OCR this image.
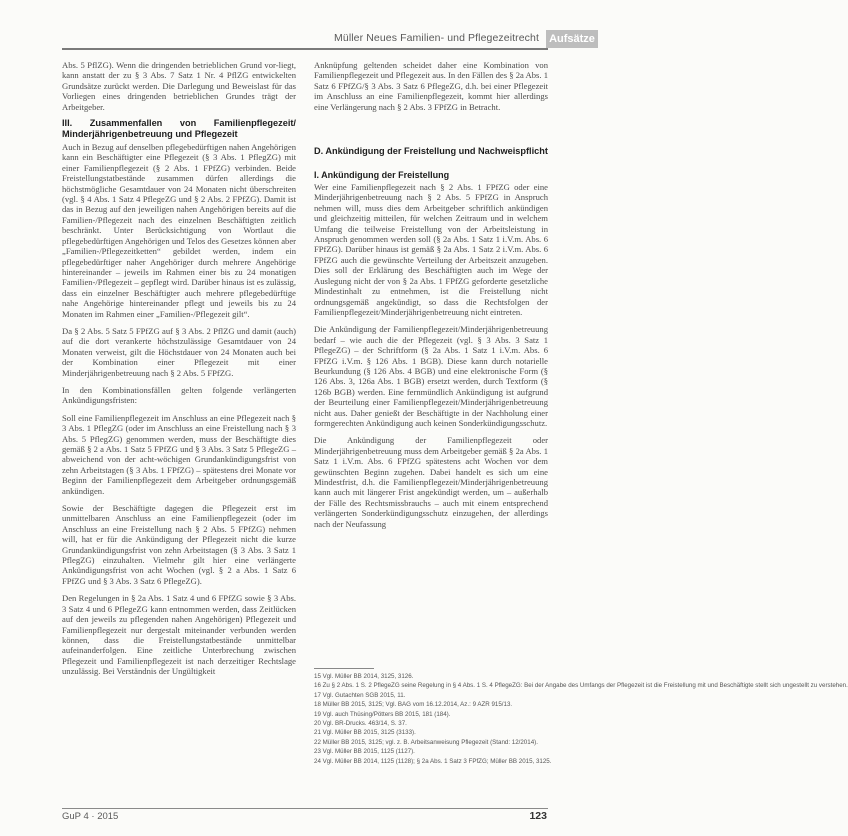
Müller Neues Familien- und Pflegezeitrecht Aufsätze

Abs. 5 PflZG). Wenn die dringenden betrieblichen Grund vor-liegt, kann anstatt der zu § 3 Abs. 7 Satz 1 Nr. 4 PflZG entwickelten Grundsätze zurückt werden. Die Darlegung und Beweislast für das Vorliegen eines dringenden betrieblichen Grundes trägt der Arbeitgeber.

III. Zusammenfallen von Familienpflegezeit/ Minderjährigenbetreuung und Pflegezeit

Auch in Bezug auf denselben pflegebedürftigen nahen Angehörigen kann ein Beschäftigter eine Pflegezeit (§ 3 Abs. 1 PflegZG) mit einer Familienpflegezeit (§ 2 Abs. 1 FPfZG) verbinden. Beide Freistellungstatbestände zusammen dürfen allerdings die höchstmögliche Gesamtdauer von 24 Monaten nicht überschreiten (vgl. § 4 Abs. 1 Satz 4 PflegeZG und § 2 Abs. 2 FPfZG). Damit ist das in Bezug auf den jeweiligen nahen Angehörigen bereits auf die Familien-/Pflegezeit nach des einzelnen Beschäftigten zeitlich beschränkt. Unter Berücksichtigung von Wortlaut die pflegebedürftigen Angehörigen und Telos des Gesetzes können aber „Familien-/Pflegezeitketten“ gebildet werden, indem ein pflegebedürftiger naher Angehöriger durch mehrere Angehörige hintereinander – jeweils im Rahmen einer bis zu 24 monatigen Familien-/Pflegezeit – gepflegt wird. Darüber hinaus ist es zulässig, dass ein einzelner Beschäftigter auch mehrere pflegebedürftige nahe Angehörige hintereinander pflegt und jeweils bis zu 24 Monaten im Rahmen einer „Familien-/Pflegezeit gilt“.

Da § 2 Abs. 5 Satz 5 FPfZG auf § 3 Abs. 2 PflZG und damit (auch) auf die dort verankerte höchstzulässige Gesamtdauer von 24 Monaten verweist, gilt die Höchstdauer von 24 Monaten auch bei der Kombination einer Pflegezeit mit einer Minderjährigenbetreuung nach § 2 Abs. 5 FPfZG.

In den Kombinationsfällen gelten folgende verlängerten Ankündigungsfristen:

Soll eine Familienpflegezeit im Anschluss an eine Pflegezeit nach § 3 Abs. 1 PflegZG (oder im Anschluss an eine Freistellung nach § 3 Abs. 5 PflegZG) genommen werden, muss der Beschäftigte dies gemäß § 2 a Abs. 1 Satz 5 FPfZG und § 3 Abs. 3 Satz 5 PflegeZG – abweichend von der acht-wöchigen Grundankündigungsfrist von zehn Arbeitstagen (§ 3 Abs. 1 FPfZG) – spätestens drei Monate vor Beginn der Familienpflegezeit dem Arbeitgeber ordnungsgemäß ankündigen.

Sowie der Beschäftigte dagegen die Pflegezeit erst im unmittelbaren Anschluss an eine Familienpflegezeit (oder im Anschluss an eine Freistellung nach § 2 Abs. 5 FPfZG) nehmen will, hat er für die Ankündigung der Pflegezeit nicht die kurze Grundankündigungsfrist von zehn Arbeitstagen (§ 3 Abs. 3 Satz 1 PflegZG) einzuhalten. Vielmehr gilt hier eine verlängerte Ankündigungsfrist von acht Wochen (vgl. § 2 a Abs. 1 Satz 6 FPfZG und § 3 Abs. 3 Satz 6 PflegeZG).

Den Regelungen in § 2a Abs. 1 Satz 4 und 6 FPfZG sowie § 3 Abs. 3 Satz 4 und 6 PflegeZG kann entnommen werden, dass Zeitlücken auf den jeweils zu pflegenden nahen Angehörigen) Pflegezeit und Familienpflegezeit nur dergestalt miteinander verbunden werden können, dass die Freistellungstatbestände unmittelbar aufeinanderfolgen. Eine zeitliche Unterbrechung zwischen Pflegezeit und Familienpflegezeit ist nach derzeitiger Rechtslage unzulässig. Bei Verständnis der Ungültigkeit

Anknüpfung geltenden scheidet daher eine Kombination von Familienpflegezeit und Pflegezeit aus. In den Fällen des § 2a Abs. 1 Satz 6 FPfZG/§ 3 Abs. 3 Satz 6 PflegeZG, d.h. bei einer Pflegezeit im Anschluss an eine Familienpflegezeit, kommt hier allerdings eine Verlängerung nach § 2 Abs. 3 FPfZG in Betracht.

D. Ankündigung der Freistellung und Nachweispflicht
I. Ankündigung der Freistellung

Wer eine Familienpflegezeit nach § 2 Abs. 1 FPfZG oder eine Minderjährigenbetreuung nach § 2 Abs. 5 FPfZG in Anspruch nehmen will, muss dies dem Arbeitgeber schriftlich ankündigen und gleichzeitig mitteilen, für welchen Zeitraum und in welchem Umfang die teilweise Freistellung von der Arbeitsleistung in Anspruch genommen werden soll (§ 2a Abs. 1 Satz 1 i.V.m. Abs. 6 FPfZG). Darüber hinaus ist gemäß § 2a Abs. 1 Satz 2 i.V.m. Abs. 6 FPfZG auch die gewünschte Verteilung der Arbeitszeit anzugeben. Dies soll der Erklärung des Beschäftigten auch im Wege der Auslegung nicht der von § 2a Abs. 1 FPfZG geforderte gesetzliche Mindestinhalt zu entnehmen, ist die Freistellung nicht ordnungsgemäß angekündigt, so dass die Rechtsfolgen der Familienpflegezeit/Minderjährigenbetreuung nicht eintreten.

Die Ankündigung der Familienpflegezeit/Minderjährigenbetreuung bedarf – wie auch die der Pflegezeit (vgl. § 3 Abs. 3 Satz 1 PflegeZG) – der Schriftform (§ 2a Abs. 1 Satz 1 i.V.m. Abs. 6 FPfZG i.V.m. § 126 Abs. 1 BGB). Diese kann durch notarielle Beurkundung (§ 126 Abs. 4 BGB) und eine elektronische Form (§ 126 Abs. 3, 126a Abs. 1 BGB) ersetzt werden, durch Textform (§ 126b BGB) werden. Eine fernmündlich Ankündigung ist aufgrund der Beurteilung einer Familienpflegezeit/Minderjährigenbetreuung nicht aus. Daher genießt der Beschäftigte in der Nachholung einer formgerechten Ankündigung auch keinen Sonderkündigungsschutz.

Die Ankündigung der Familienpflegezeit oder Minderjährigenbetreuung muss dem Arbeitgeber gemäß § 2a Abs. 1 Satz 1 i.V.m. Abs. 6 FPfZG spätestens acht Wochen vor dem gewünschten Beginn zugehen. Dabei handelt es sich um eine Mindestfrist, d.h. die Familienpflegezeit/Minderjährigenbetreuung kann auch mit längerer Frist angekündigt werden, um – außerhalb der Fälle des Rechtsmissbrauchs – auch mit einem entsprechend verlängerten Sonderkündigungsschutz einzugehen, der allerdings nach der Neufassung

15 Vgl. Müller BB 2014, 3125, 3126.
16 Zu § 2 Abs. 1 S. 2 PflegeZG seine Regelung in § 4 Abs. 1 S. 4 PflegeZG: Bei der Angabe des Umfangs der Pflegezeit ist die Freistellung mit und Beschäftigte stellt sich ungestellt zu verstehen.
17 Vgl. Gutachten SGB 2015, 11.
18 Müller BB 2015, 3125; Vgl. BAG vom 16.12.2014, Az.: 9 AZR 915/13.
19 Vgl. auch Thüsing/Pötters BB 2015, 181 (184).
20 Vgl. BR-Drucks. 463/14, S. 37.
21 Vgl. Müller BB 2015, 3125 (3133).
22 Müller BB 2015, 3125; vgl. z. B. Arbeitsanweisung Pflegezeit (Stand: 12/2014).
23 Vgl. Müller BB 2015, 1125 (1127).
24 Vgl. Müller BB 2014, 1125 (1128); § 2a Abs. 1 Satz 3 FPfZG; Müller BB 2015, 3125.
GuP 4 · 2015	123
